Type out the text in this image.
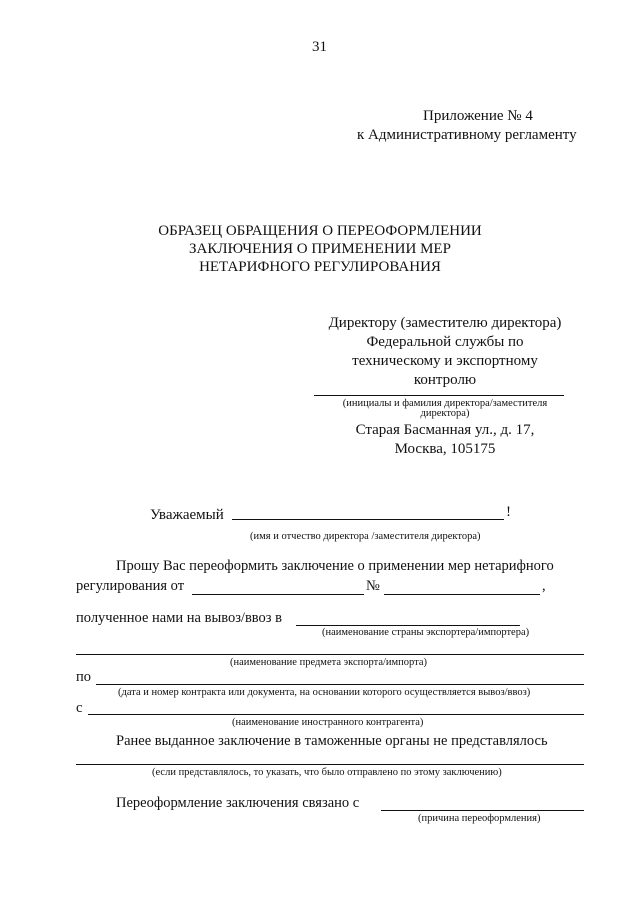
31
Приложение № 4
к Административному регламенту
ОБРАЗЕЦ ОБРАЩЕНИЯ О ПЕРЕОФОРМЛЕНИИ
ЗАКЛЮЧЕНИЯ О ПРИМЕНЕНИИ МЕР
НЕТАРИФНОГО РЕГУЛИРОВАНИЯ
Директору (заместителю директора)
Федеральной службы по
техническому и экспортному
контролю
(инициалы и фамилия директора/заместителя
директора)
Старая Басманная ул., д. 17,
Москва, 105175
Уважаемый	!
(имя и отчество директора /заместителя директора)
Прошу Вас переоформить заключение о применении мер нетарифного
регулирования от	№	,
полученное нами на вывоз/ввоз в
(наименование страны экспортера/импортера)
(наименование предмета экспорта/импорта)
по
(дата и номер контракта или документа, на основании которого осуществляется вывоз/ввоз)
с
(наименование иностранного контрагента)
Ранее выданное заключение в таможенные органы не представлялось
(если представлялось, то указать, что было отправлено по этому заключению)
Переоформление заключения связано с
(причина переоформления)
